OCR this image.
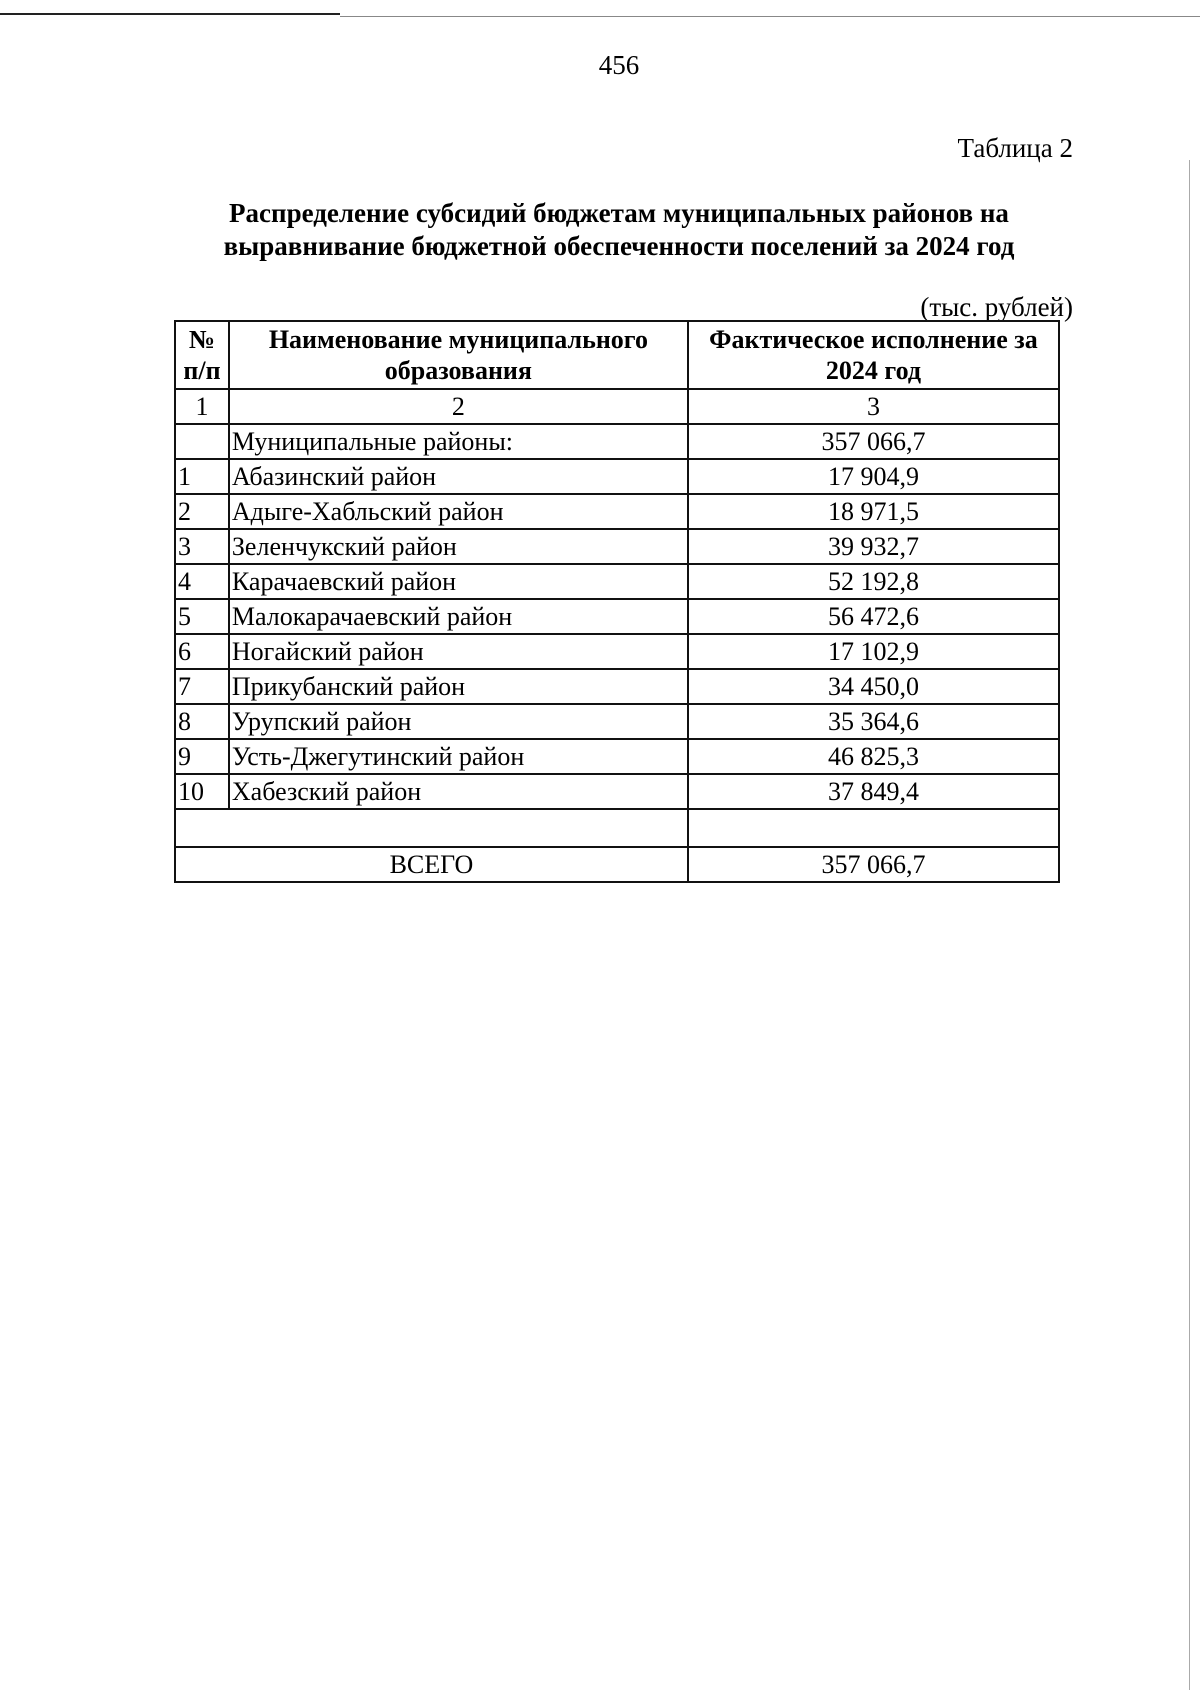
456
Таблица 2
Распределение субсидий бюджетам муниципальных районов на
выравнивание бюджетной обеспеченности поселений за 2024 год
(тыс. рублей)
№ п/п	Наименование муниципального образования	Фактическое исполнение за 2024 год
1	2	3
	Муниципальные районы:	357 066,7
1	Абазинский район	17 904,9
2	Адыге-Хабльский район	18 971,5
3	Зеленчукский район	39 932,7
4	Карачаевский район	52 192,8
5	Малокарачаевский район	56 472,6
6	Ногайский район	17 102,9
7	Прикубанский район	34 450,0
8	Урупский район	35 364,6
9	Усть-Джегутинский район	46 825,3
10	Хабезский район	37 849,4

ВСЕГО		357 066,7
